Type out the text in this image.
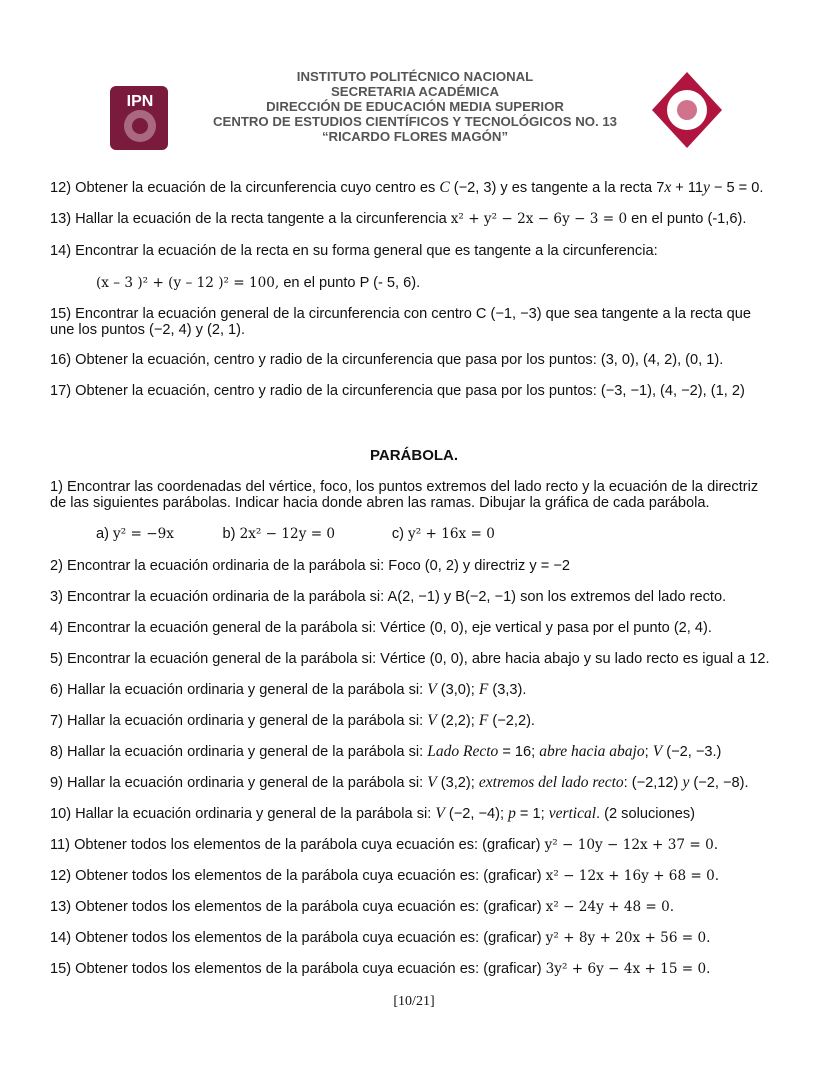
IPN
INSTITUTO POLITÉCNICO NACIONAL
SECRETARIA ACADÉMICA
DIRECCIÓN DE EDUCACIÓN MEDIA SUPERIOR
CENTRO DE ESTUDIOS CIENTÍFICOS Y TECNOLÓGICOS NO. 13
“RICARDO FLORES MAGÓN”
12) Obtener la ecuación de la circunferencia cuyo centro es C (−2, 3) y es tangente a la recta 7x + 11y − 5 = 0.
13) Hallar la ecuación de la recta tangente a la circunferencia x² + y² − 2x − 6y − 3 = 0 en el punto (-1,6).
14) Encontrar la ecuación de la recta en su forma general que es tangente a la circunferencia:
(x – 3 )² + (y – 12 )² = 100, en el punto P (- 5, 6).
15) Encontrar la ecuación general de la circunferencia con centro C (−1, −3) que sea tangente a la recta que
une los puntos (−2, 4) y (2, 1).
16) Obtener la ecuación, centro y radio de la circunferencia que pasa por los puntos: (3, 0), (4, 2), (0, 1).
17) Obtener la ecuación, centro y radio de la circunferencia que pasa por los puntos: (−3, −1), (4, −2), (1, 2)
1) Encontrar las coordenadas del vértice, foco, los puntos extremos del lado recto y la ecuación de la directriz
de las siguientes parábolas. Indicar hacia donde abren las ramas. Dibujar la gráfica de cada parábola.
a) y² = −9x            b) 2x² − 12y = 0              c) y² + 16x = 0
2) Encontrar la ecuación ordinaria de la parábola si: Foco (0, 2) y directriz y = −2
3) Encontrar la ecuación ordinaria de la parábola si: A(2, −1) y B(−2, −1) son los extremos del lado recto.
4) Encontrar la ecuación general de la parábola si: Vértice (0, 0), eje vertical y pasa por el punto (2, 4).
5) Encontrar la ecuación general de la parábola si: Vértice (0, 0), abre hacia abajo y su lado recto es igual a 12.
6) Hallar la ecuación ordinaria y general de la parábola si: V (3,0); F (3,3).
7) Hallar la ecuación ordinaria y general de la parábola si: V (2,2); F (−2,2).
8) Hallar la ecuación ordinaria y general de la parábola si: Lado Recto = 16; abre hacia abajo; V (−2, −3.)
9) Hallar la ecuación ordinaria y general de la parábola si: V (3,2); extremos del lado recto: (−2,12) y (−2, −8).
10) Hallar la ecuación ordinaria y general de la parábola si: V (−2, −4); p = 1; vertical. (2 soluciones)
11) Obtener todos los elementos de la parábola cuya ecuación es: (graficar) y² − 10y − 12x + 37 = 0.
12) Obtener todos los elementos de la parábola cuya ecuación es: (graficar) x² − 12x + 16y + 68 = 0.
13) Obtener todos los elementos de la parábola cuya ecuación es: (graficar) x² − 24y + 48 = 0.
14) Obtener todos los elementos de la parábola cuya ecuación es: (graficar) y² + 8y + 20x + 56 = 0.
15) Obtener todos los elementos de la parábola cuya ecuación es: (graficar) 3y² + 6y − 4x + 15 = 0.
PARÁBOLA.
[10/21]
